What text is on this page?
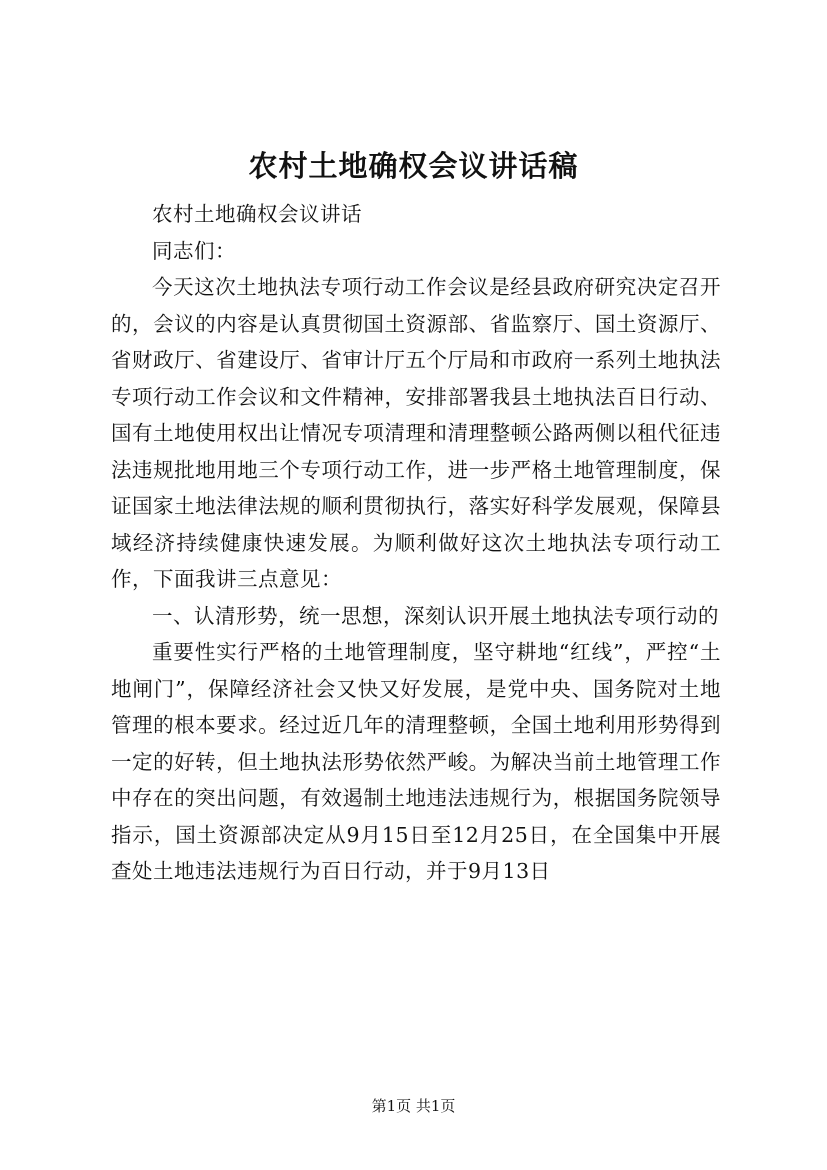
农村土地确权会议讲话稿

农村土地确权会议讲话

同志们：

今天这次土地执法专项行动工作会议是经县政府研究决定召开的，会议的内容是认真贯彻国土资源部、省监察厅、国土资源厅、省财政厅、省建设厅、省审计厅五个厅局和市政府一系列土地执法专项行动工作会议和文件精神，安排部署我县土地执法百日行动、国有土地使用权出让情况专项清理和清理整顿公路两侧以租代征违法违规批地用地三个专项行动工作，进一步严格土地管理制度，保证国家土地法律法规的顺利贯彻执行，落实好科学发展观，保障县域经济持续健康快速发展。为顺利做好这次土地执法专项行动工作，下面我讲三点意见：

一、认清形势，统一思想，深刻认识开展土地执法专项行动的

重要性实行严格的土地管理制度，坚守耕地“红线”，严控“土地闸门”，保障经济社会又快又好发展，是党中央、国务院对土地管理的根本要求。经过近几年的清理整顿，全国土地利用形势得到一定的好转，但土地执法形势依然严峻。为解决当前土地管理工作中存在的突出问题，有效遏制土地违法违规行为，根据国务院领导指示，国土资源部决定从9月15日至12月25日，在全国集中开展查处土地违法违规行为百日行动，并于9月13日

第1页 共1页
